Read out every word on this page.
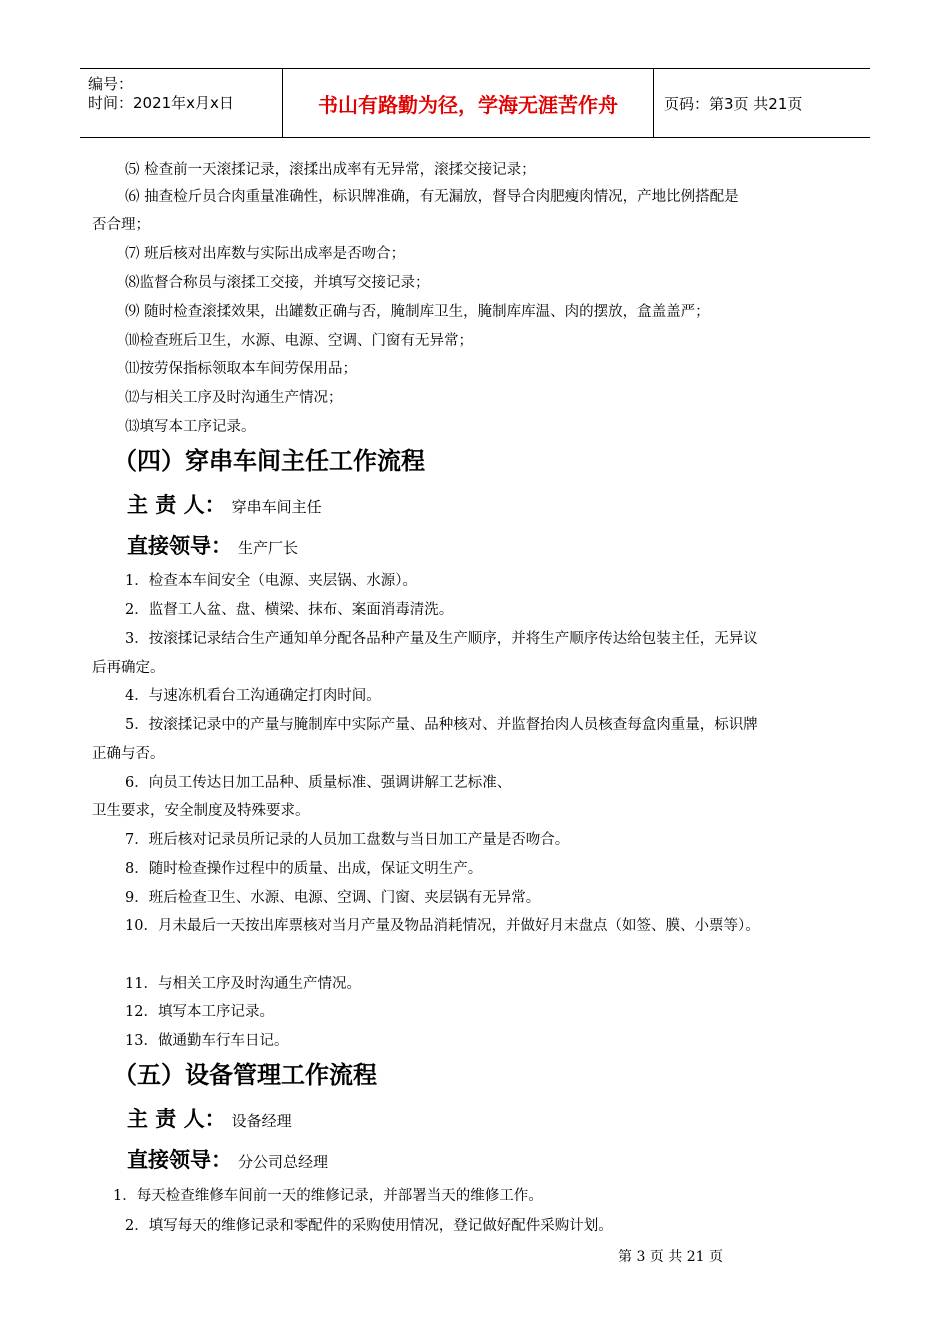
编号：
时间：2021年x月x日	书山有路勤为径，学海无涯苦作舟	页码：第3页 共21页
⑸ 检查前一天滚揉记录，滚揉出成率有无异常，滚揉交接记录；
⑹ 抽查检斤员合肉重量准确性，标识牌准确，有无漏放，督导合肉肥瘦肉情况，产地比例搭配是
否合理；
⑺ 班后核对出库数与实际出成率是否吻合；
⑻监督合称员与滚揉工交接，并填写交接记录；
⑼ 随时检查滚揉效果，出罐数正确与否，腌制库卫生，腌制库库温、肉的摆放，盒盖盖严；
⑽检查班后卫生，水源、电源、空调、门窗有无异常；
⑾按劳保指标领取本车间劳保用品；
⑿与相关工序及时沟通生产情况；
⒀填写本工序记录。
（四）穿串车间主任工作流程
主 责 人： 穿串车间主任
直接领导： 生产厂长
1．检查本车间安全（电源、夹层锅、水源）。
2．监督工人盆、盘、横梁、抹布、案面消毒清洗。
3．按滚揉记录结合生产通知单分配各品种产量及生产顺序，并将生产顺序传达给包装主任，无异议
后再确定。
4．与速冻机看台工沟通确定打肉时间。
5．按滚揉记录中的产量与腌制库中实际产量、品种核对、并监督抬肉人员核查每盒肉重量，标识牌
正确与否。
6．向员工传达日加工品种、质量标准、强调讲解工艺标准、
卫生要求，安全制度及特殊要求。
7．班后核对记录员所记录的人员加工盘数与当日加工产量是否吻合。
8．随时检查操作过程中的质量、出成，保证文明生产。
9．班后检查卫生、水源、电源、空调、门窗、夹层锅有无异常。
10．月未最后一天按出库票核对当月产量及物品消耗情况，并做好月末盘点（如签、膜、小票等）。
11．与相关工序及时沟通生产情况。
12．填写本工序记录。
13．做通勤车行车日记。
（五）设备管理工作流程
主 责 人： 设备经理
直接领导： 分公司总经理
1．每天检查维修车间前一天的维修记录，并部署当天的维修工作。
2．填写每天的维修记录和零配件的采购使用情况，登记做好配件采购计划。
第 3 页 共 21 页
